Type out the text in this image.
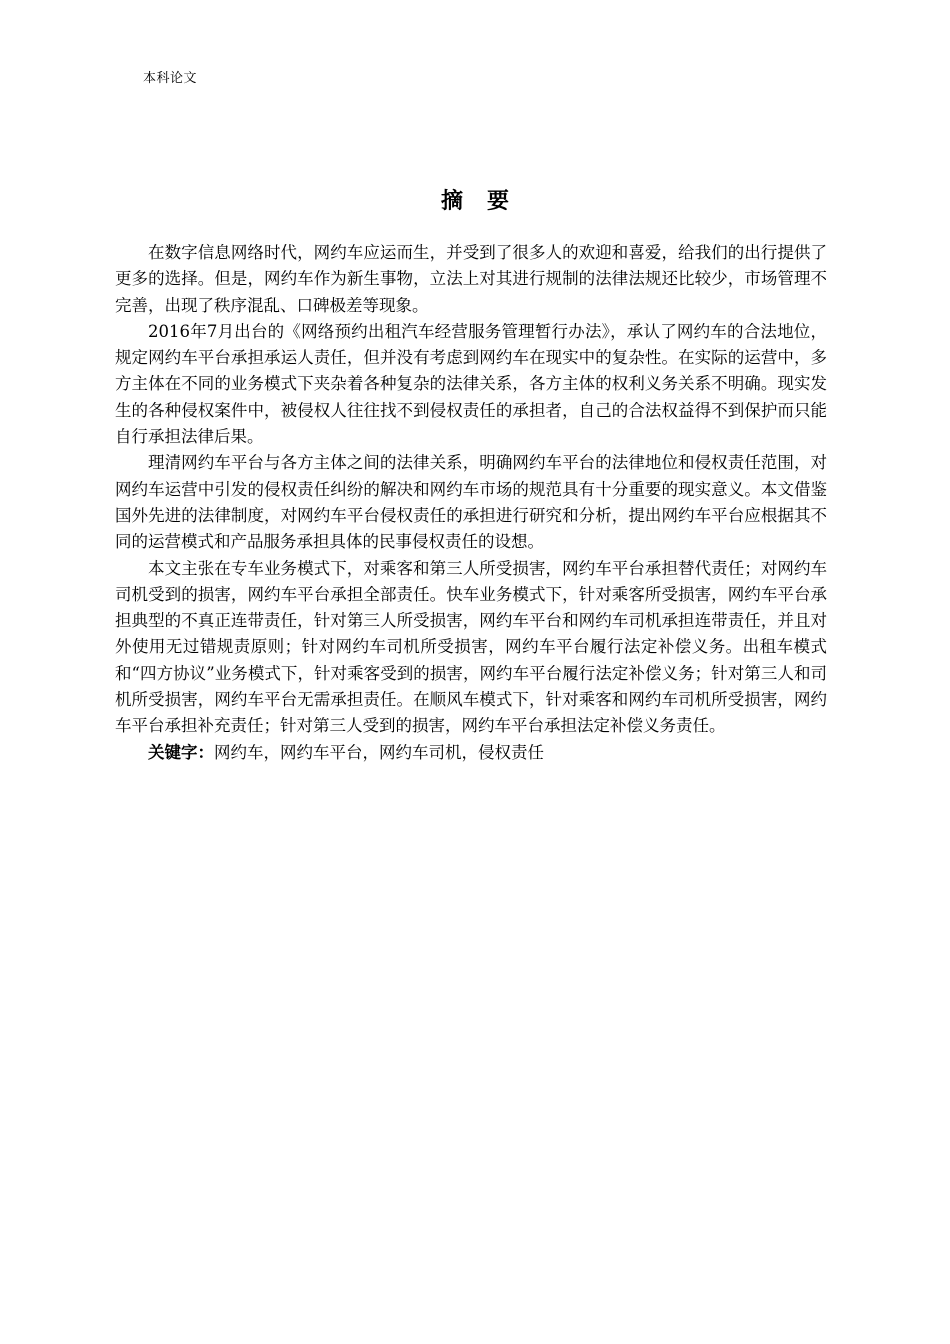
本科论文
摘要

在数字信息网络时代，网约车应运而生，并受到了很多人的欢迎和喜爱，给我们的出行提供了更多的选择。但是，网约车作为新生事物，立法上对其进行规制的法律法规还比较少，市场管理不完善，出现了秩序混乱、口碑极差等现象。

2016年7月出台的《网络预约出租汽车经营服务管理暂行办法》，承认了网约车的合法地位，规定网约车平台承担承运人责任，但并没有考虑到网约车在现实中的复杂性。在实际的运营中，多方主体在不同的业务模式下夹杂着各种复杂的法律关系，各方主体的权利义务关系不明确。现实发生的各种侵权案件中，被侵权人往往找不到侵权责任的承担者，自己的合法权益得不到保护而只能自行承担法律后果。

理清网约车平台与各方主体之间的法律关系，明确网约车平台的法律地位和侵权责任范围，对网约车运营中引发的侵权责任纠纷的解决和网约车市场的规范具有十分重要的现实意义。本文借鉴国外先进的法律制度，对网约车平台侵权责任的承担进行研究和分析，提出网约车平台应根据其不同的运营模式和产品服务承担具体的民事侵权责任的设想。

本文主张在专车业务模式下，对乘客和第三人所受损害，网约车平台承担替代责任；对网约车司机受到的损害，网约车平台承担全部责任。快车业务模式下，针对乘客所受损害，网约车平台承担典型的不真正连带责任，针对第三人所受损害，网约车平台和网约车司机承担连带责任，并且对外使用无过错规责原则；针对网约车司机所受损害，网约车平台履行法定补偿义务。出租车模式和“四方协议”业务模式下，针对乘客受到的损害，网约车平台履行法定补偿义务；针对第三人和司机所受损害，网约车平台无需承担责任。在顺风车模式下，针对乘客和网约车司机所受损害，网约车平台承担补充责任；针对第三人受到的损害，网约车平台承担法定补偿义务责任。

关键字：网约车，网约车平台，网约车司机，侵权责任
